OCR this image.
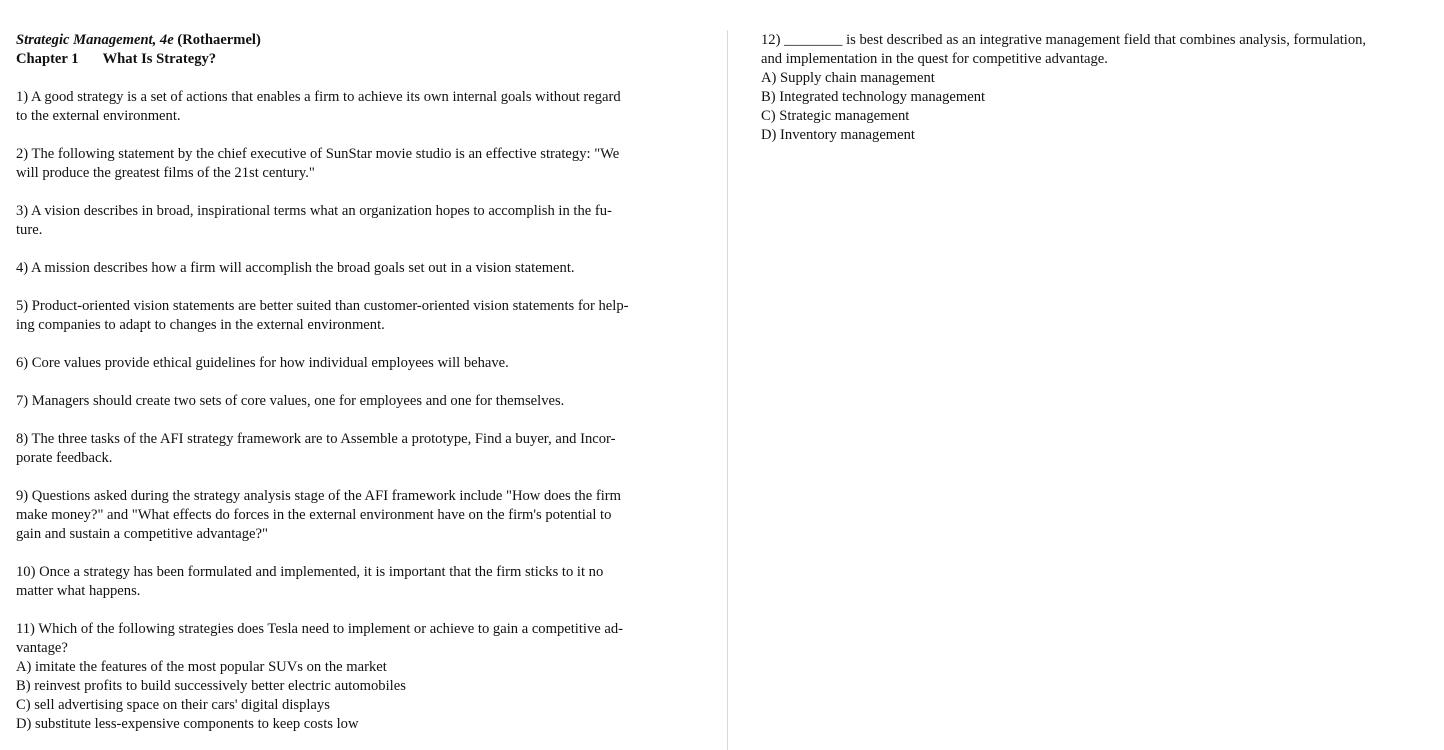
Strategic Management, 4e (Rothaermel)

Chapter 1 What Is Strategy?

1) A good strategy is a set of actions that enables a firm to achieve its own internal goals without regard
to the external environment.

2) The following statement by the chief executive of SunStar movie studio is an effective strategy: "We
will produce the greatest films of the 21st century."

3) A vision describes in broad, inspirational terms what an organization hopes to accomplish in the fu-
ture.

4) A mission describes how a firm will accomplish the broad goals set out in a vision statement.

5) Product-oriented vision statements are better suited than customer-oriented vision statements for help-
ing companies to adapt to changes in the external environment.

6) Core values provide ethical guidelines for how individual employees will behave.

7) Managers should create two sets of core values, one for employees and one for themselves.

8) The three tasks of the AFI strategy framework are to Assemble a prototype, Find a buyer, and Incor-
porate feedback.

9) Questions asked during the strategy analysis stage of the AFI framework include "How does the firm
make money?" and "What effects do forces in the external environment have on the firm's potential to
gain and sustain a competitive advantage?"

10) Once a strategy has been formulated and implemented, it is important that the firm sticks to it no
matter what happens.

11) Which of the following strategies does Tesla need to implement or achieve to gain a competitive ad-
vantage?

A) imitate the features of the most popular SUVs on the market
B) reinvest profits to build successively better electric automobiles
C) sell advertising space on their cars' digital displays
D) substitute less-expensive components to keep costs low

12) ________ is best described as an integrative management field that combines analysis, formulation,
and implementation in the quest for competitive advantage.

A) Supply chain management
B) Integrated technology management
C) Strategic management
D) Inventory management
